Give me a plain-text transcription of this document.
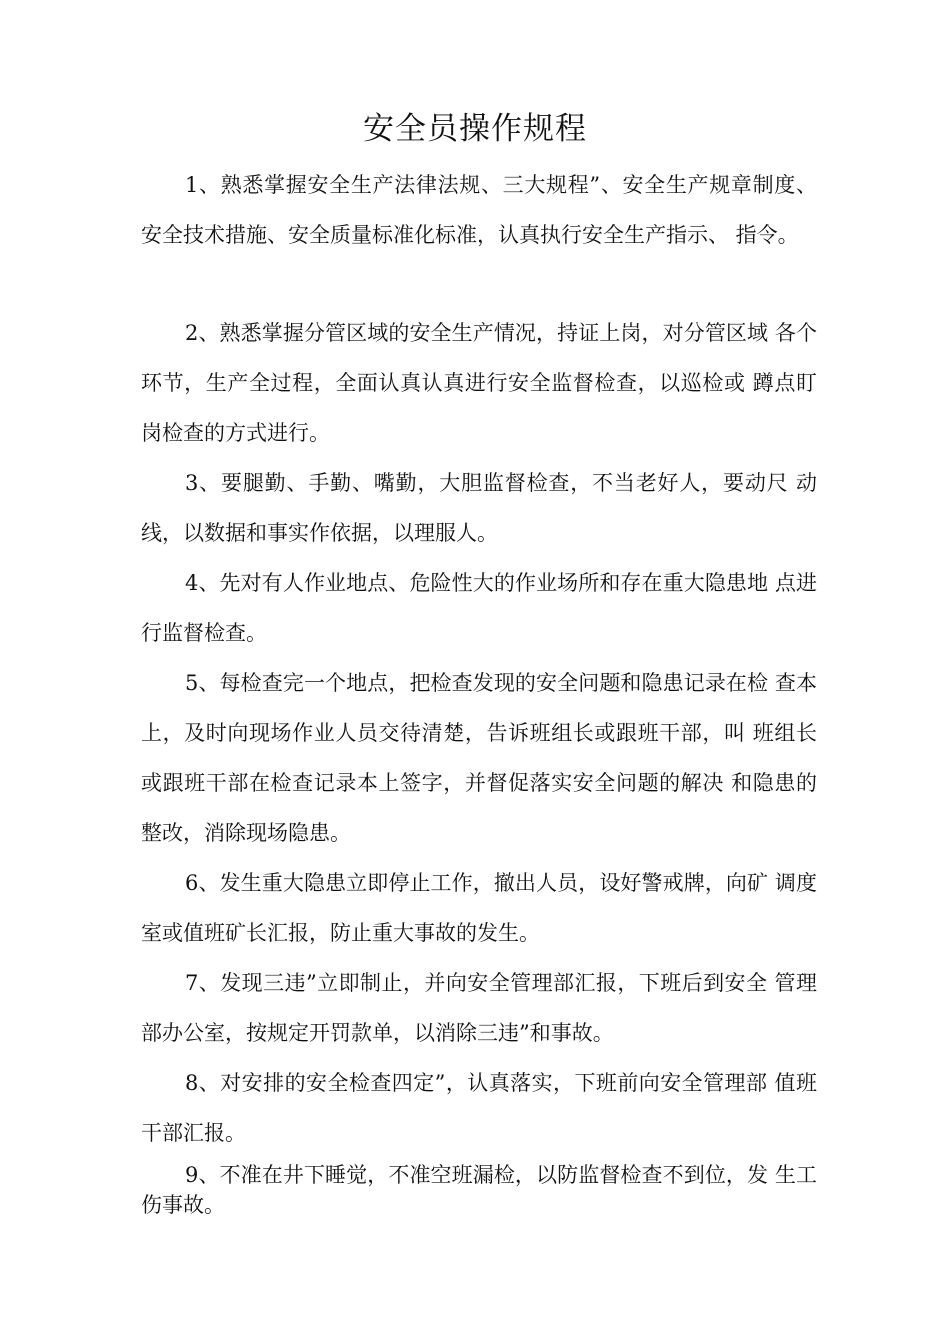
安全员操作规程
1、熟悉掌握安全生产法律法规、三大规程”、安全生产规章制度、安全技术措施、安全质量标准化标准，认真执行安全生产指示、 指令。
2、熟悉掌握分管区域的安全生产情况，持证上岗，对分管区域 各个环节，生产全过程，全面认真认真进行安全监督检查，以巡检或 蹲点盯岗检查的方式进行。
3、要腿勤、手勤、嘴勤，大胆监督检查，不当老好人，要动尺 动线，以数据和事实作依据，以理服人。
4、先对有人作业地点、危险性大的作业场所和存在重大隐患地 点进行监督检查。
5、每检查完一个地点，把检查发现的安全问题和隐患记录在检 查本上，及时向现场作业人员交待清楚，告诉班组长或跟班干部，叫 班组长或跟班干部在检查记录本上签字，并督促落实安全问题的解决 和隐患的整改，消除现场隐患。
6、发生重大隐患立即停止工作，撤出人员，设好警戒牌，向矿 调度室或值班矿长汇报，防止重大事故的发生。
7、发现三违”立即制止，并向安全管理部汇报，下班后到安全 管理部办公室，按规定开罚款单，以消除三违”和事故。
8、对安排的安全检查四定”，认真落实，下班前向安全管理部 值班干部汇报。
9、不准在井下睡觉，不准空班漏检，以防监督检查不到位，发 生工伤事故。
